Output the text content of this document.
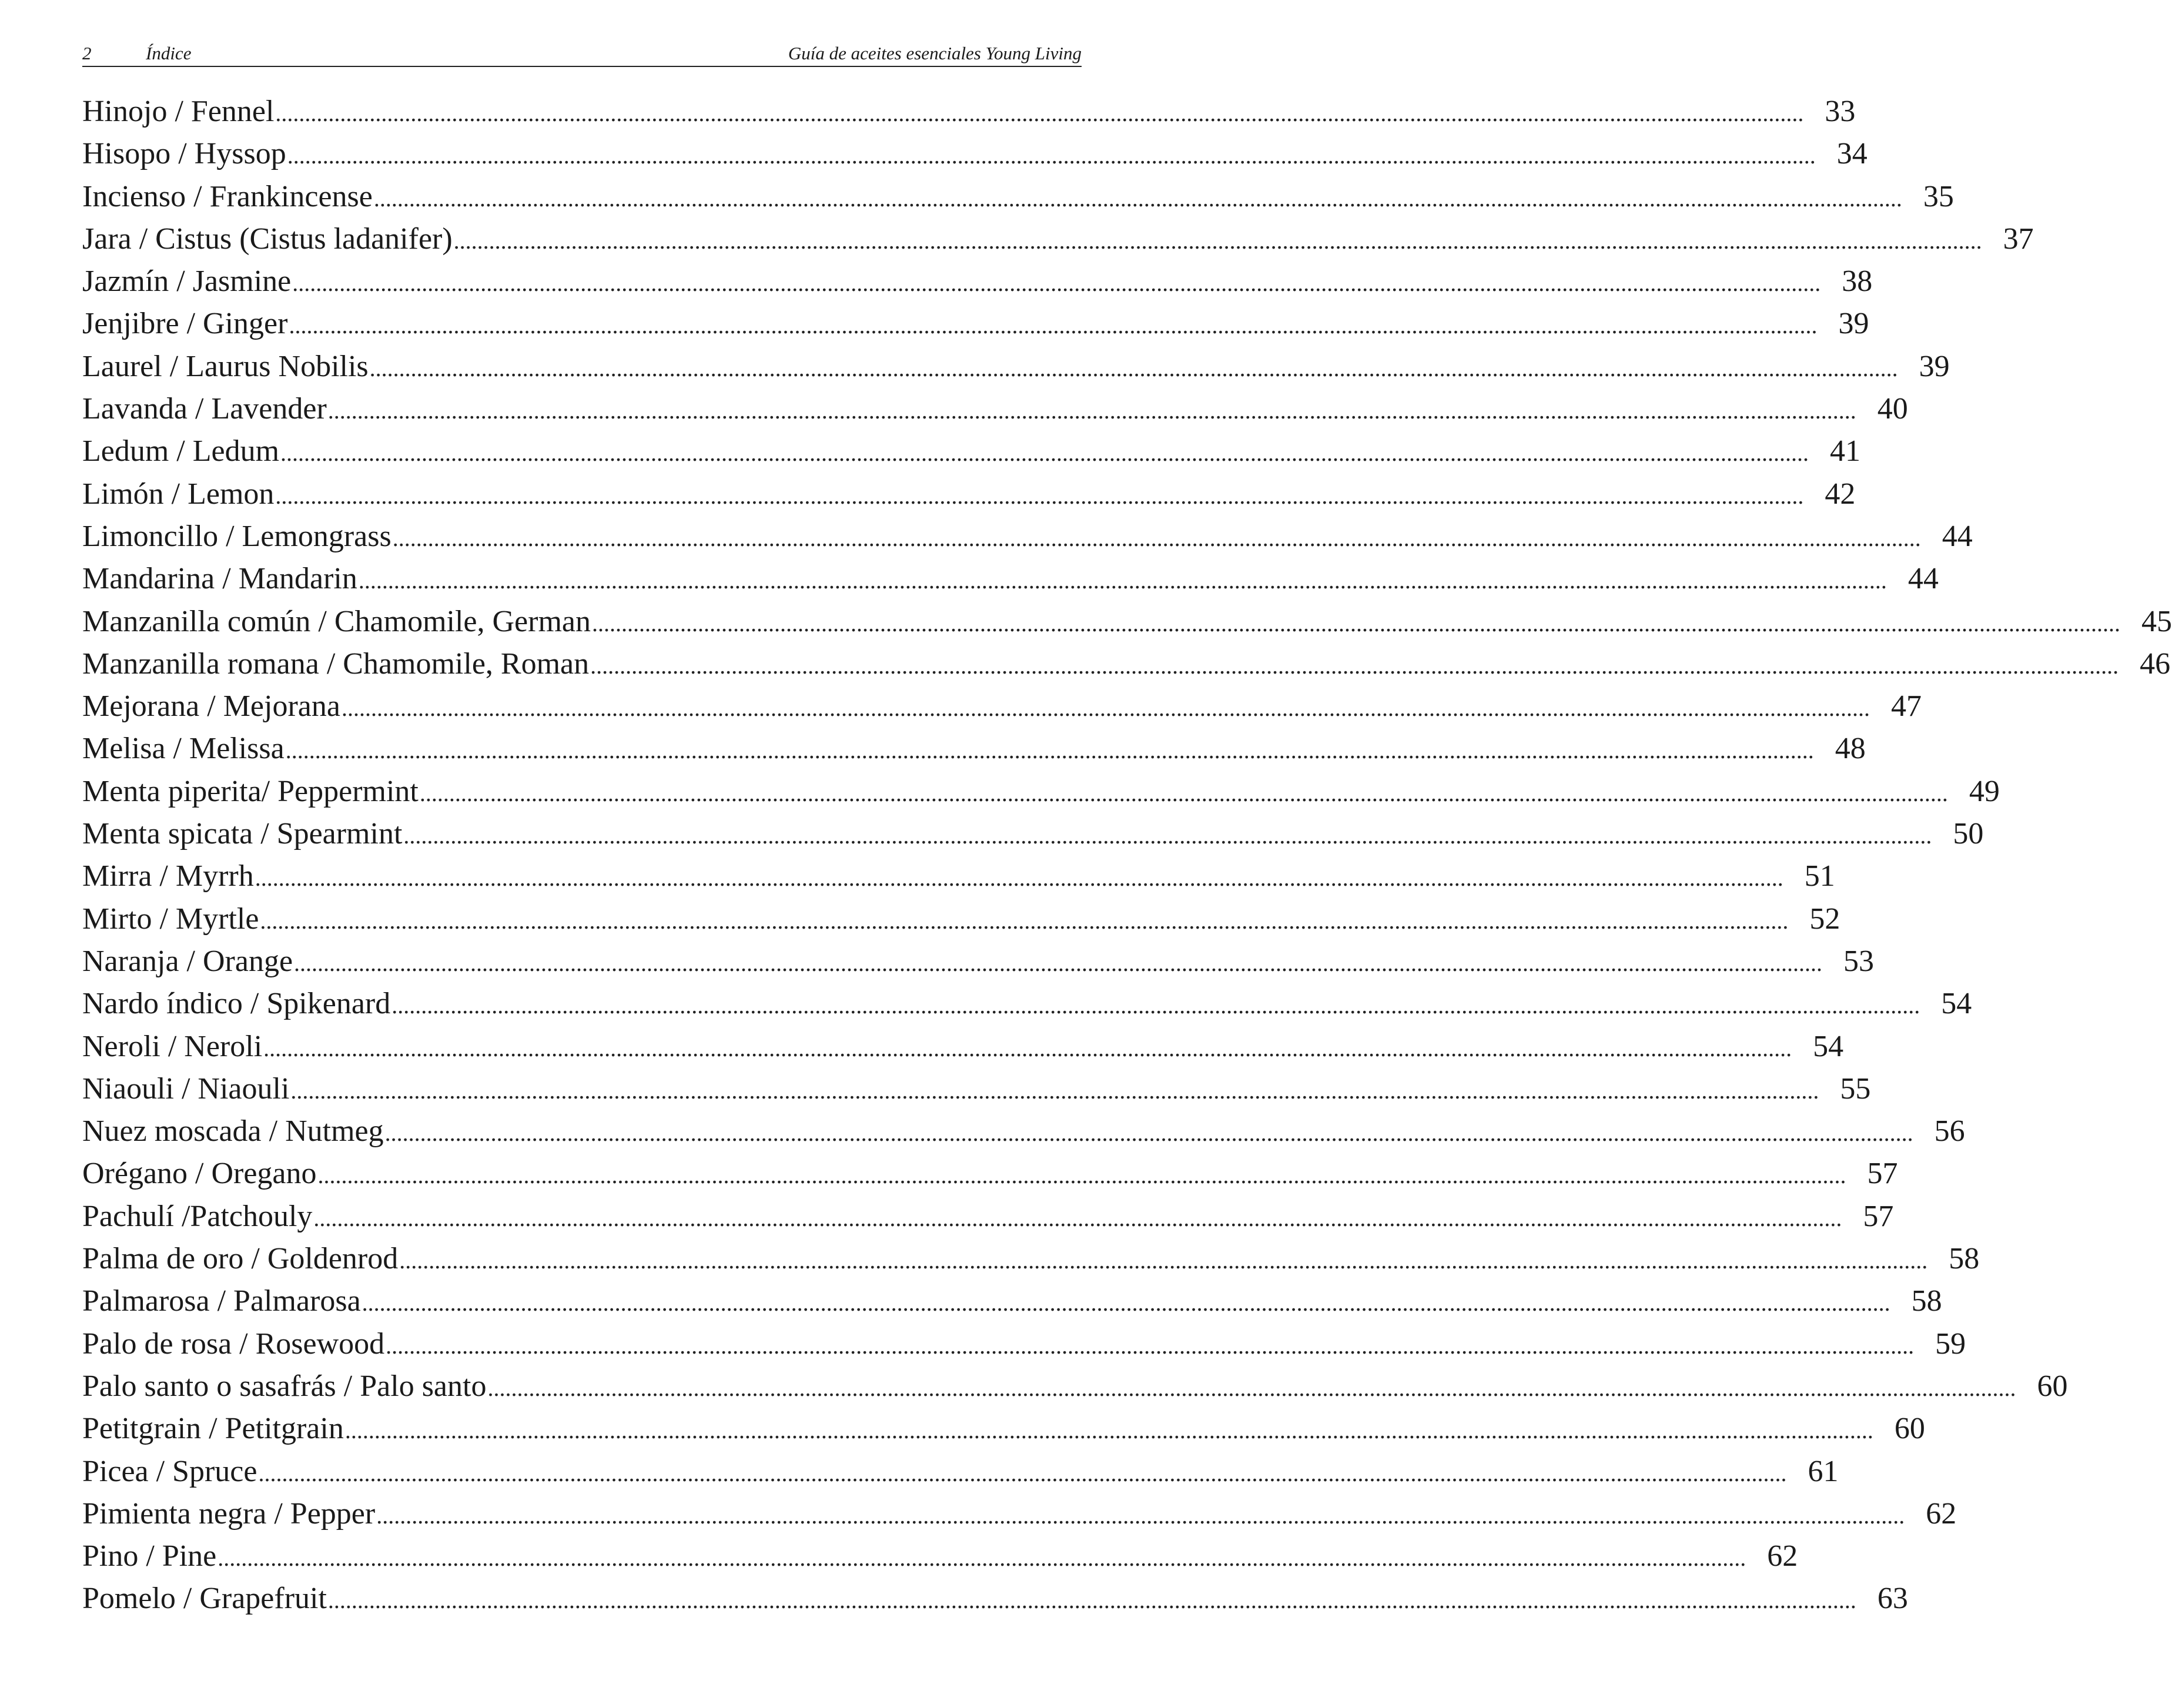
2	Índice	Guía de aceites esenciales Young Living
Hinojo / Fennel .................................................................................................................................................................................................................................................................... 33
Hisopo / Hyssop .................................................................................................................................................................................................................................................................... 34
Incienso / Frankincense .................................................................................................................................................................................................................................................................... 35
Jara / Cistus (Cistus ladanifer) .................................................................................................................................................................................................................................................................... 37
Jazmín / Jasmine .................................................................................................................................................................................................................................................................... 38
Jenjibre / Ginger .................................................................................................................................................................................................................................................................... 39
Laurel / Laurus Nobilis .................................................................................................................................................................................................................................................................... 39
Lavanda / Lavender .................................................................................................................................................................................................................................................................... 40
Ledum / Ledum .................................................................................................................................................................................................................................................................... 41
Limón / Lemon .................................................................................................................................................................................................................................................................... 42
Limoncillo / Lemongrass .................................................................................................................................................................................................................................................................... 44
Mandarina / Mandarin .................................................................................................................................................................................................................................................................... 44
Manzanilla común / Chamomile, German .................................................................................................................................................................................................................................................................... 45
Manzanilla romana / Chamomile, Roman .................................................................................................................................................................................................................................................................... 46
Mejorana / Mejorana .................................................................................................................................................................................................................................................................... 47
Melisa / Melissa .................................................................................................................................................................................................................................................................... 48
Menta piperita/ Peppermint .................................................................................................................................................................................................................................................................... 49
Menta spicata / Spearmint .................................................................................................................................................................................................................................................................... 50
Mirra / Myrrh .................................................................................................................................................................................................................................................................... 51
Mirto / Myrtle .................................................................................................................................................................................................................................................................... 52
Naranja / Orange .................................................................................................................................................................................................................................................................... 53
Nardo índico / Spikenard .................................................................................................................................................................................................................................................................... 54
Neroli / Neroli .................................................................................................................................................................................................................................................................... 54
Niaouli / Niaouli .................................................................................................................................................................................................................................................................... 55
Nuez moscada / Nutmeg .................................................................................................................................................................................................................................................................... 56
Orégano / Oregano .................................................................................................................................................................................................................................................................... 57
Pachulí /Patchouly .................................................................................................................................................................................................................................................................... 57
Palma de oro / Goldenrod .................................................................................................................................................................................................................................................................... 58
Palmarosa / Palmarosa .................................................................................................................................................................................................................................................................... 58
Palo de rosa / Rosewood .................................................................................................................................................................................................................................................................... 59
Palo santo o sasafrás / Palo santo .................................................................................................................................................................................................................................................................... 60
Petitgrain / Petitgrain .................................................................................................................................................................................................................................................................... 60
Picea / Spruce .................................................................................................................................................................................................................................................................... 61
Pimienta negra / Pepper .................................................................................................................................................................................................................................................................... 62
Pino / Pine .................................................................................................................................................................................................................................................................... 62
Pomelo / Grapefruit .................................................................................................................................................................................................................................................................... 63
